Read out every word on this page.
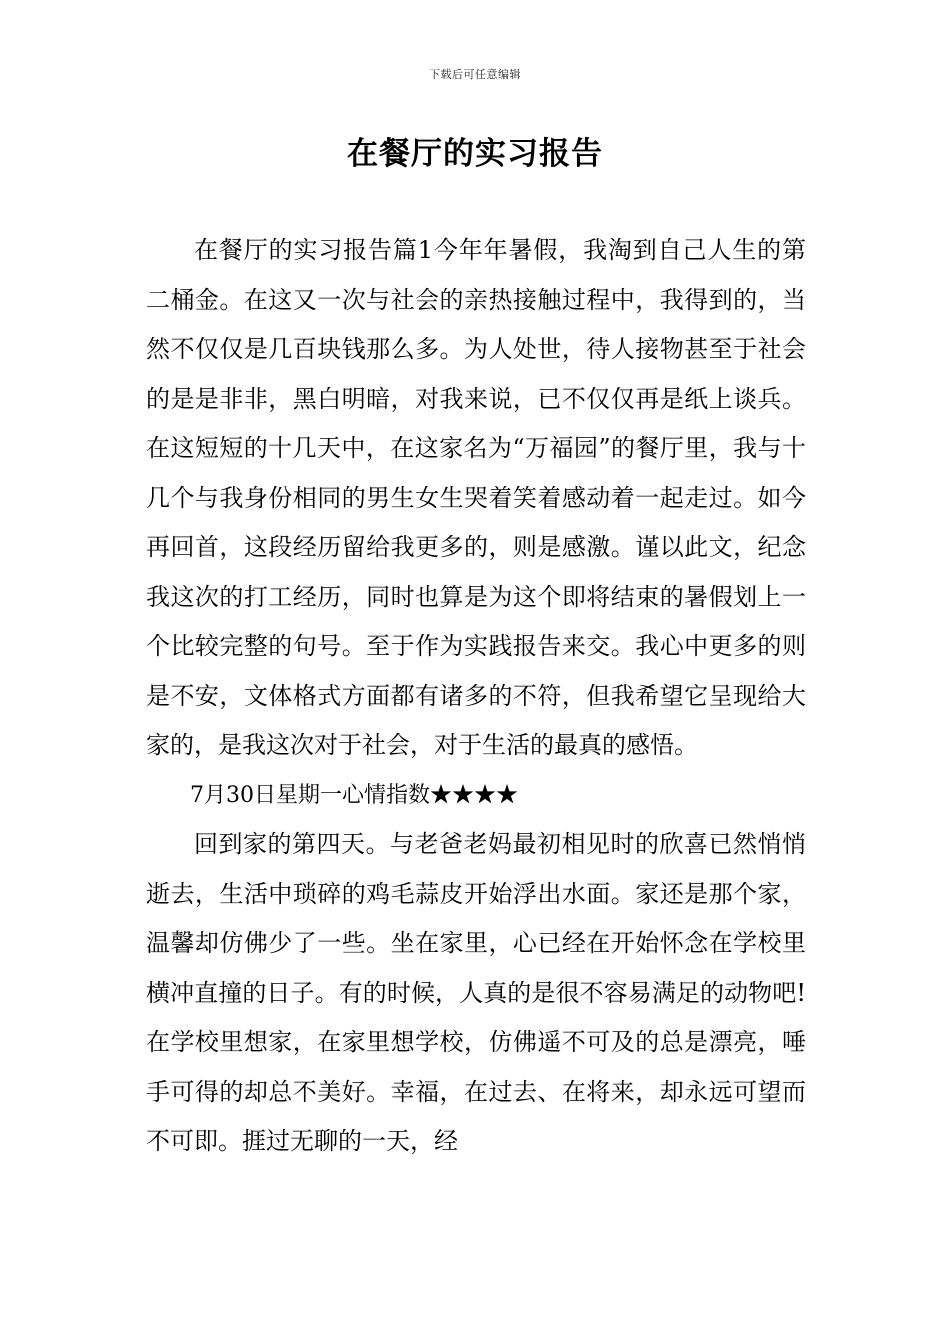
下载后可任意编辑
在餐厅的实习报告

在餐厅的实习报告篇1今年年暑假，我淘到自己人生的第二桶金。在这又一次与社会的亲热接触过程中，我得到的，当然不仅仅是几百块钱那么多。为人处世，待人接物甚至于社会的是是非非，黑白明暗，对我来说，已不仅仅再是纸上谈兵。在这短短的十几天中，在这家名为“万福园”的餐厅里，我与十几个与我身份相同的男生女生哭着笑着感动着一起走过。如今再回首，这段经历留给我更多的，则是感激。谨以此文，纪念我这次的打工经历，同时也算是为这个即将结束的暑假划上一个比较完整的句号。至于作为实践报告来交。我心中更多的则是不安，文体格式方面都有诸多的不符，但我希望它呈现给大家的，是我这次对于社会，对于生活的最真的感悟。

7月30日星期一心情指数★★★★

回到家的第四天。与老爸老妈最初相见时的欣喜已然悄悄逝去，生活中琐碎的鸡毛蒜皮开始浮出水面。家还是那个家，温馨却仿佛少了一些。坐在家里，心已经在开始怀念在学校里横冲直撞的日子。有的时候，人真的是很不容易满足的动物吧!在学校里想家，在家里想学校，仿佛遥不可及的总是漂亮，唾手可得的却总不美好。幸福，在过去、在将来，却永远可望而不可即。捱过无聊的一天，经
